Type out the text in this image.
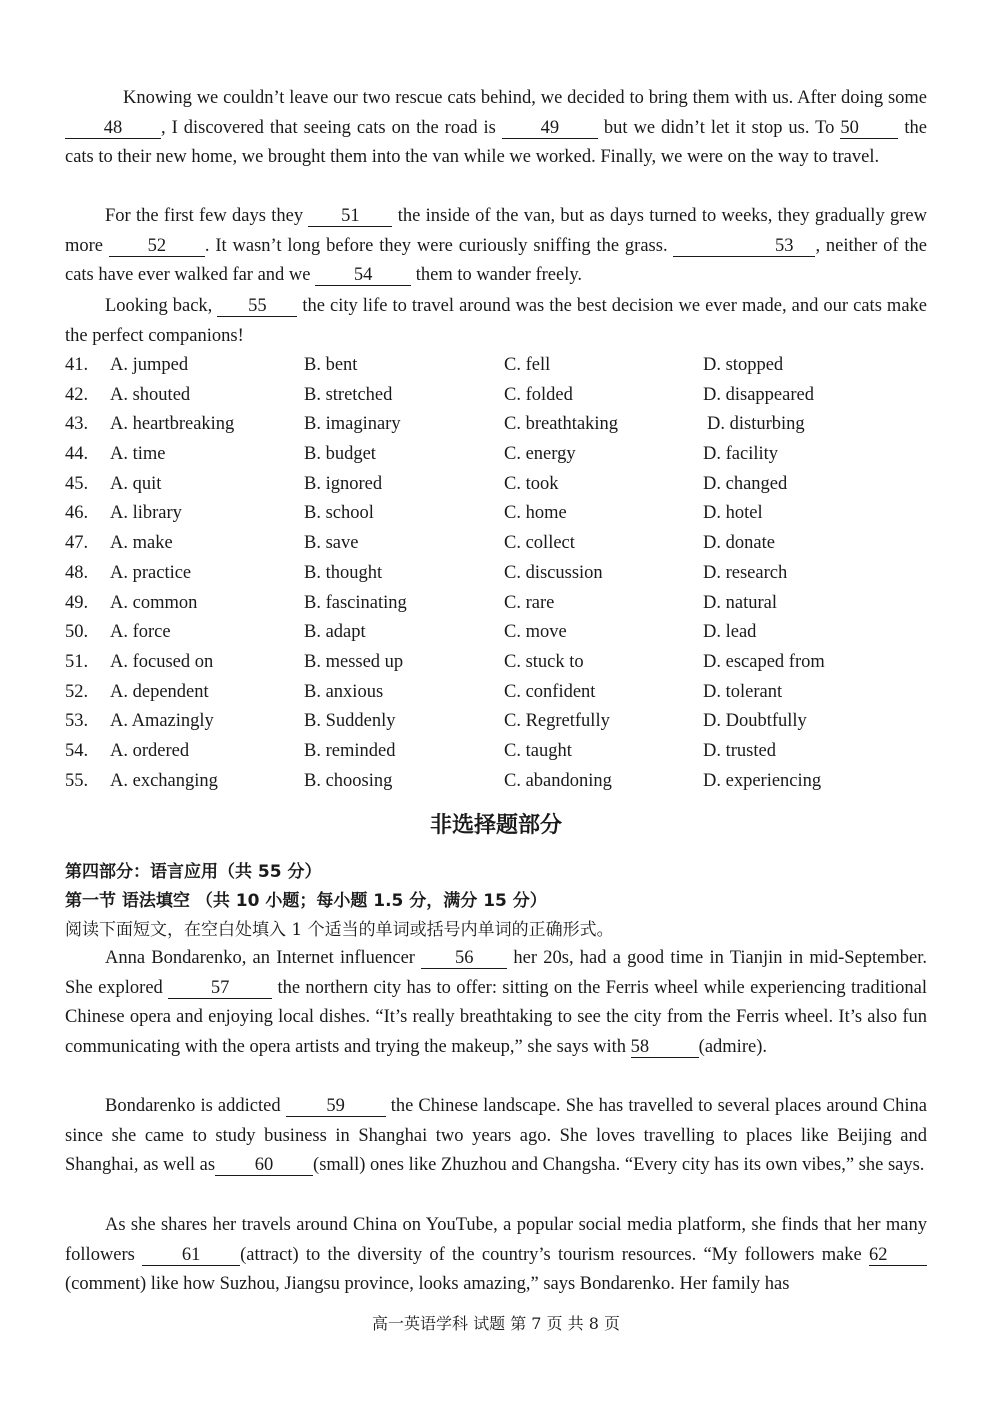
Knowing we couldn’t leave our two rescue cats behind, we decided to bring them with us. After doing some 48 , I discovered that seeing cats on the road is 49 but we didn’t let it stop us. To 50 the cats to their new home, we brought them into the van while we worked. Finally, we were on the way to travel.

For the first few days they 51 the inside of the van, but as days turned to weeks, they gradually grew more 52 . It wasn’t long before they were curiously sniffing the grass.	53 , neither of the cats have ever walked far and we 54 them to wander freely.

Looking back, 55 the city life to travel around was the best decision we ever made, and our cats make the perfect companions!

41. A. jumped	B. bent	C. fell	D. stopped
42. A. shouted	B. stretched	C. folded	D. disappeared
43. A. heartbreaking	B. imaginary	C. breathtaking	D. disturbing
44. A. time	B. budget	C. energy	D. facility
45. A. quit	B. ignored	C. took	D. changed
46. A. library	B. school	C. home	D. hotel
47. A. make	B. save	C. collect	D. donate
48. A. practice	B. thought	C. discussion	D. research
49. A. common	B. fascinating	C. rare	D. natural
50. A. force	B. adapt	C. move	D. lead
51. A. focused on	B. messed up	C. stuck to	D. escaped from
52. A. dependent	B. anxious	C. confident	D. tolerant
53. A. Amazingly	B. Suddenly	C. Regretfully	D. Doubtfully
54. A. ordered	B. reminded	C. taught	D. trusted
55. A. exchanging	B. choosing	C. abandoning	D. experiencing

非选择题部分

第四部分：语言应用（共 55 分）

第一节 语法填空 （共 10 小题；每小题 1.5 分，满分 15 分）

阅读下面短文，在空白处填入 1 个适当的单词或括号内单词的正确形式。

Anna Bondarenko, an Internet influencer 56 her 20s, had a good time in Tianjin in mid-September. She explored 57 the northern city has to offer: sitting on the Ferris wheel while experiencing traditional Chinese opera and enjoying local dishes. “It’s really breathtaking to see the city from the Ferris wheel. It’s also fun communicating with the opera artists and trying the makeup,” she says with 58	(admire).

Bondarenko is addicted 59 the Chinese landscape. She has travelled to several places around China since she came to study business in Shanghai two years ago. She loves travelling to places like Beijing and Shanghai, as well as 60 (small) ones like Zhuzhou and Changsha. “Every city has its own vibes,” she says.

As she shares her travels around China on YouTube, a popular social media platform, she finds that her many followers 61 (attract) to the diversity of the country’s tourism resources. “My followers make 62(comment) like how Suzhou, Jiangsu province, looks amazing,” says Bondarenko. Her family has

高一英语学科 试题 第 7 页 共 8 页
